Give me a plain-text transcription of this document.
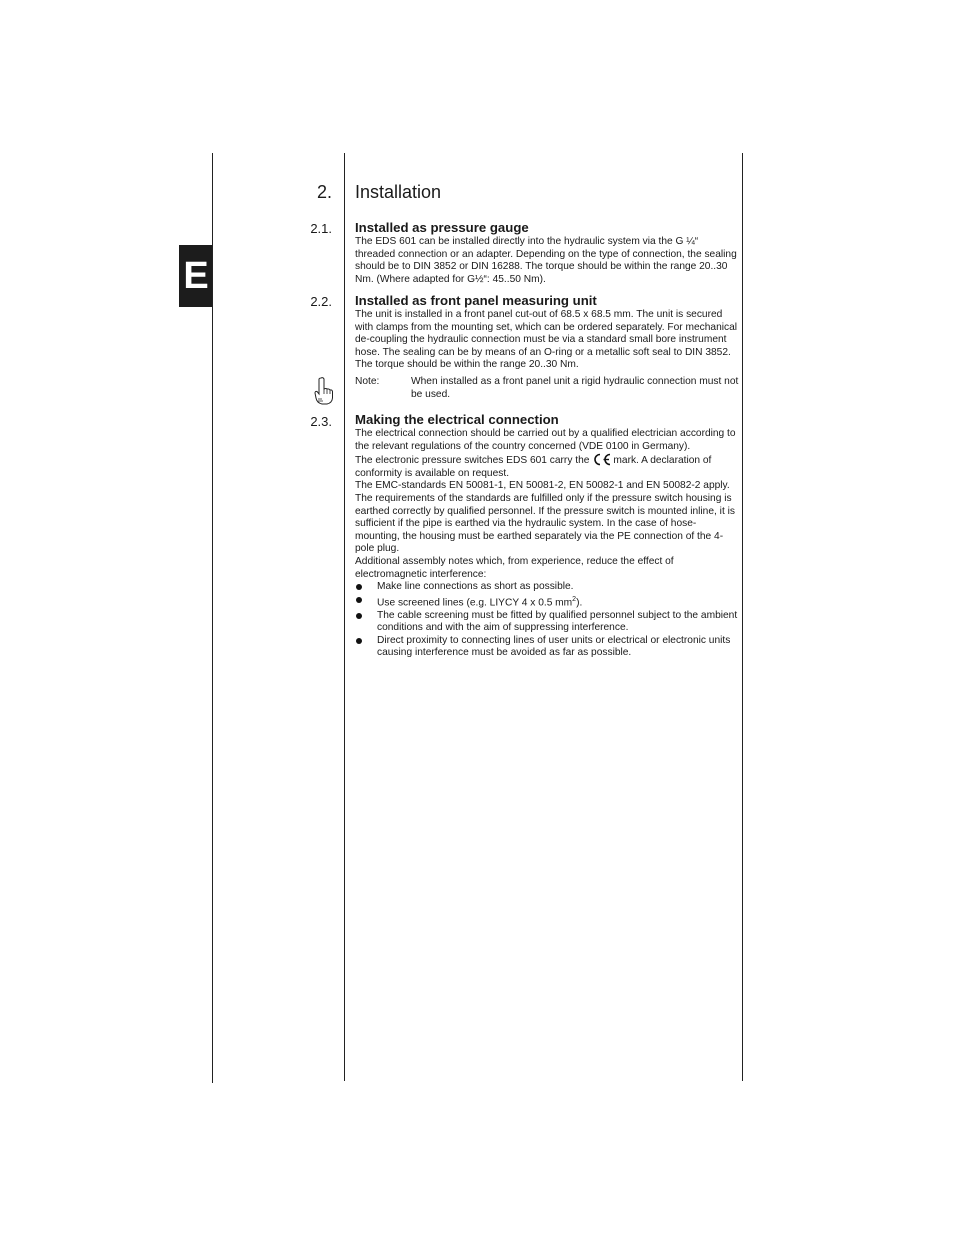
E
2. Installation
2.1. Installed as pressure gauge
The EDS 601 can be installed directly into the hydraulic system via the G ¼“ threaded connection or an adapter. Depending on the type of connection, the sealing should be to DIN 3852 or DIN 16288. The torque should be within the range 20..30 Nm. (Where adapted for G½“: 45..50 Nm).
2.2. Installed as front panel measuring unit
The unit is installed in a front panel cut-out of 68.5 x 68.5 mm. The unit is secured with clamps from the mounting set, which can be ordered separately. For mechanical de-coupling the hydraulic connection must be via a standard small bore instrument hose. The sealing can be by means of an O-ring or a metallic soft seal to DIN 3852. The torque should be within the range 20..30 Nm.
Note:	When installed as a front panel unit a rigid hydraulic connection must not be used.
2.3. Making the electrical connection

The electrical connection should be carried out by a qualified electrician according to the relevant regulations of the country concerned (VDE 0100 in Germany).

The electronic pressure switches EDS 601 carry the mark. A declaration of conformity is available on request.

The EMC-standards EN 50081-1, EN 50081-2, EN 50082-1 and EN 50082-2 apply.

The requirements of the standards are fulfilled only if the pressure switch housing is earthed correctly by qualified personnel. If the pressure switch is mounted inline, it is sufficient if the pipe is earthed via the hydraulic system. In the case of hose-mounting, the housing must be earthed separately via the PE connection of the 4-pole plug.

Additional assembly notes which, from experience, reduce the effect of electromagnetic interference:

Make line connections as short as possible.
Use screened lines (e.g. LIYCY 4 x 0.5 $mm^2$).
The cable screening must be fitted by qualified personnel subject to the ambient conditions and with the aim of suppressing interference.
Direct proximity to connecting lines of user units or electrical or electronic units causing interference must be avoided as far as possible.
